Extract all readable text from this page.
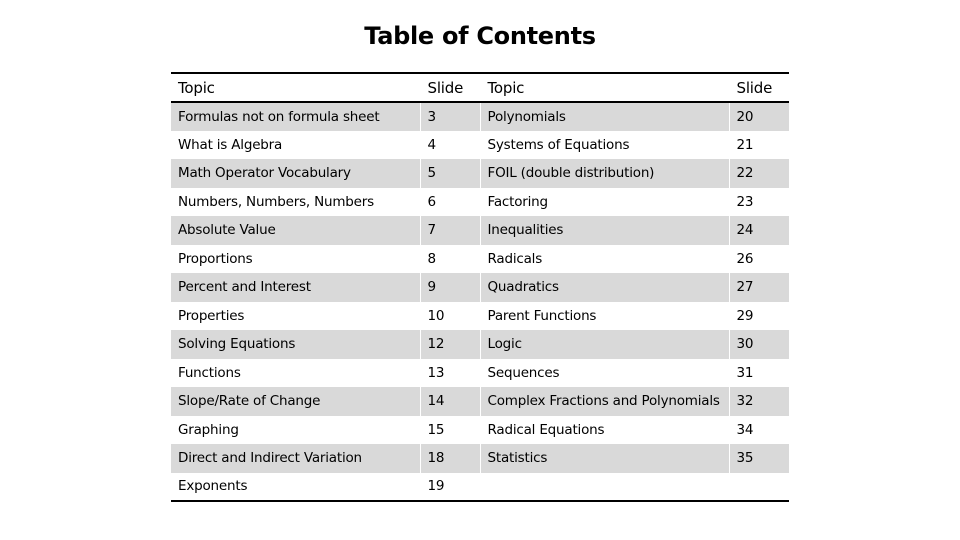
Table of Contents
Topic	Slide	Topic	Slide
Formulas not on formula sheet	3	Polynomials	20
What is Algebra	4	Systems of Equations	21
Math Operator Vocabulary	5	FOIL (double distribution)	22
Numbers, Numbers, Numbers	6	Factoring	23
Absolute Value	7	Inequalities	24
Proportions	8	Radicals	26
Percent and Interest	9	Quadratics	27
Properties	10	Parent Functions	29
Solving Equations	12	Logic	30
Functions	13	Sequences	31
Slope/Rate of Change	14	Complex Fractions and Polynomials	32
Graphing	15	Radical Equations	34
Direct and Indirect Variation	18	Statistics	35
Exponents	19		
